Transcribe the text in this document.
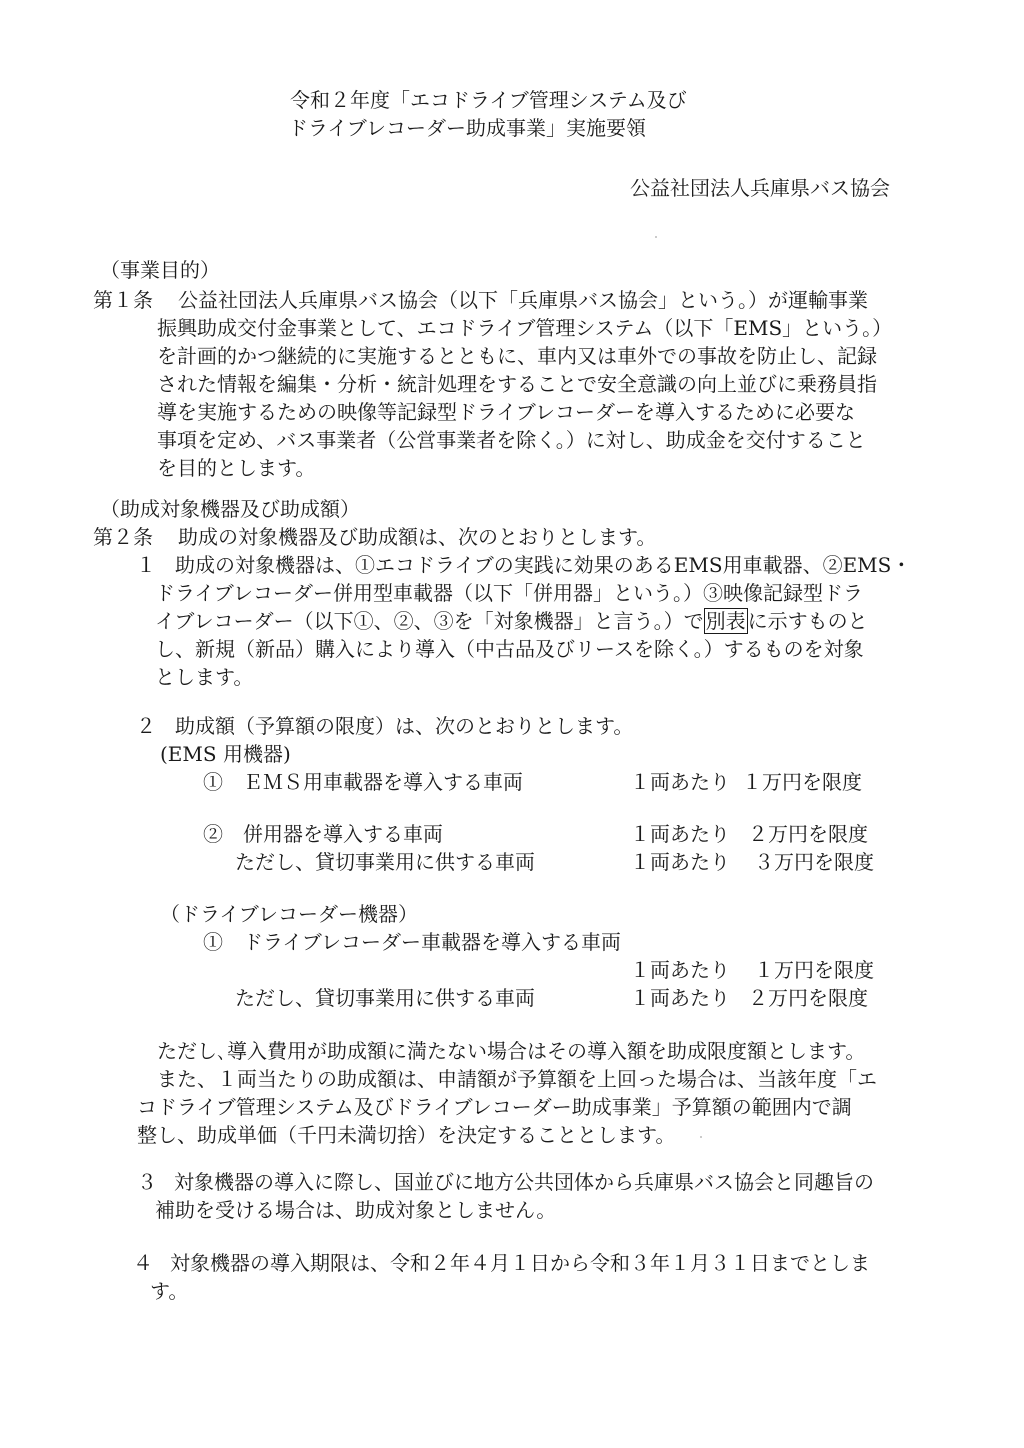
令和２年度「エコドライブ管理システム及び
ドライブレコーダー助成事業」実施要領
公益社団法人兵庫県バス協会
（事業目的）
第１条 公益社団法人兵庫県バス協会（以下「兵庫県バス協会」という。）が運輸事業
振興助成交付金事業として、エコドライブ管理システム（以下「EMS」という。）
を計画的かつ継続的に実施するとともに、車内又は車外での事故を防止し、記録
された情報を編集・分析・統計処理をすることで安全意識の向上並びに乗務員指
導を実施するための映像等記録型ドライブレコーダーを導入するために必要な
事項を定め、バス事業者（公営事業者を除く。）に対し、助成金を交付すること
を目的とします。
（助成対象機器及び助成額）
第２条 助成の対象機器及び助成額は、次のとおりとします。
１ 助成の対象機器は、①エコドライブの実践に効果のあるEMS用車載器、②EMS・
ドライブレコーダー併用型車載器（以下「併用器」という。）③映像記録型ドラ
イブレコーダー（以下①、②、③を「対象機器」と言う。）で 別表 に示すものと
し、新規（新品）購入により導入（中古品及びリースを除く。）するものを対象
とします。
２ 助成額（予算額の限度）は、次のとおりとします。
(EMS 用機器)
①　ＥＭＳ用車載器を導入する車両	１両あたり １万円を限度
②　併用器を導入する車両	１両あたり ２万円を限度
ただし、貸切事業用に供する車両	１両あたり ３万円を限度
（ドライブレコーダー機器）
①　ドライブレコーダー車載器を導入する車両
１両あたり １万円を限度
ただし、貸切事業用に供する車両	１両あたり ２万円を限度
ただし､導入費用が助成額に満たない場合はその導入額を助成限度額とします。
また、１両当たりの助成額は、申請額が予算額を上回った場合は、当該年度「エ
コドライブ管理システム及びドライブレコーダー助成事業」予算額の範囲内で調
整し、助成単価（千円未満切捨）を決定することとします。
３ 対象機器の導入に際し、国並びに地方公共団体から兵庫県バス協会と同趣旨の
補助を受ける場合は、助成対象としません。
４ 対象機器の導入期限は、令和２年４月１日から令和３年１月３１日までとしま
す。
